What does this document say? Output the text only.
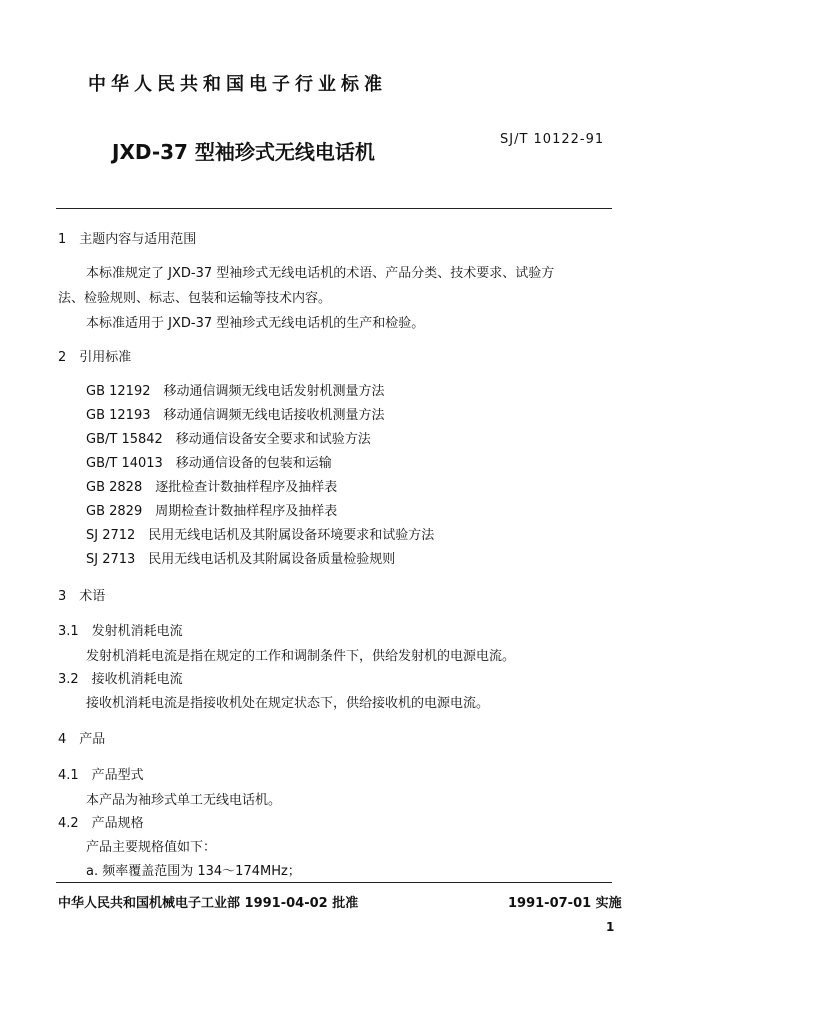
中华人民共和国电子行业标准
JXD-37 型袖珍式无线电话机
SJ/T 10122-91
1　主题内容与适用范围
本标准规定了 JXD-37 型袖珍式无线电话机的术语、产品分类、技术要求、试验方
法、检验规则、标志、包装和运输等技术内容。
本标准适用于 JXD-37 型袖珍式无线电话机的生产和检验。
2　引用标准
GB 12192　移动通信调频无线电话发射机测量方法
GB 12193　移动通信调频无线电话接收机测量方法
GB/T 15842　移动通信设备安全要求和试验方法
GB/T 14013　移动通信设备的包装和运输
GB 2828　逐批检查计数抽样程序及抽样表
GB 2829　周期检查计数抽样程序及抽样表
SJ 2712　民用无线电话机及其附属设备环境要求和试验方法
SJ 2713　民用无线电话机及其附属设备质量检验规则
3　术语
3.1　发射机消耗电流
发射机消耗电流是指在规定的工作和调制条件下，供给发射机的电源电流。
3.2　接收机消耗电流
接收机消耗电流是指接收机处在规定状态下，供给接收机的电源电流。
4　产品
4.1　产品型式
本产品为袖珍式单工无线电话机。
4.2　产品规格
产品主要规格值如下：
a. 频率覆盖范围为 134～174MHz；
中华人民共和国机械电子工业部 1991-04-02 批准	1991-07-01 实施
1
